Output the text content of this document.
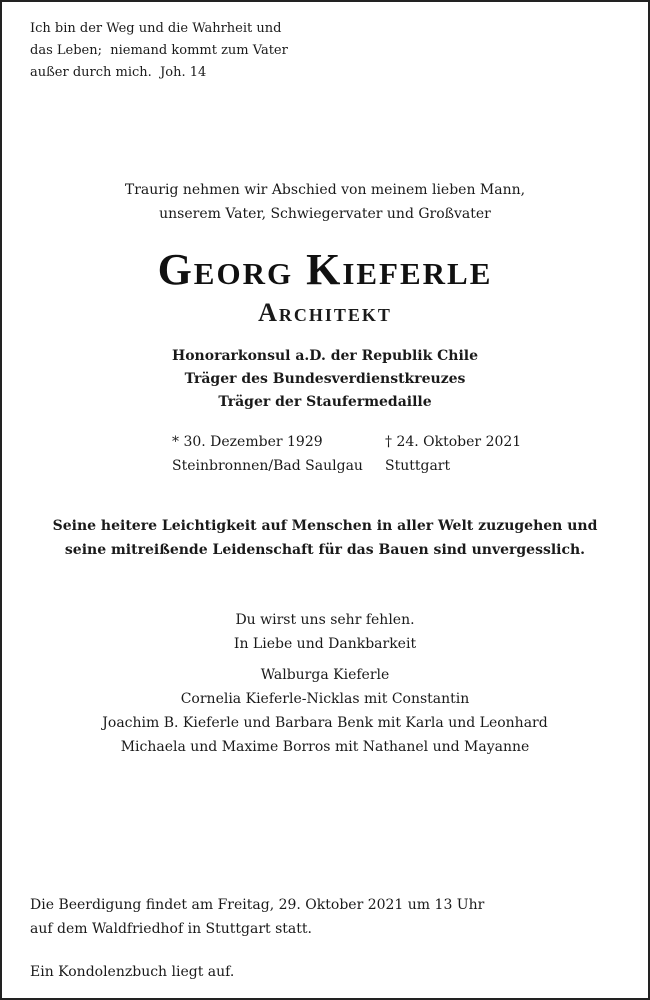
Ich bin der Weg und die Wahrheit und
das Leben;  niemand kommt zum Vater
außer durch mich.  Joh. 14
Traurig nehmen wir Abschied von meinem lieben Mann,
unserem Vater, Schwiegervater und Großvater
Georg Kieferle
Architekt
Honorarkonsul a.D. der Republik Chile
Träger des Bundesverdienstkreuzes
Träger der Staufermedaille
* 30. Dezember 1929
Steinbronnen/Bad Saulgau
† 24. Oktober 2021
Stuttgart
Seine heitere Leichtigkeit auf Menschen in aller Welt zuzugehen und
seine mitreißende Leidenschaft für das Bauen sind unvergesslich.
Du wirst uns sehr fehlen.
In Liebe und Dankbarkeit
Walburga Kieferle
Cornelia Kieferle-Nicklas mit Constantin
Joachim B. Kieferle und Barbara Benk mit Karla und Leonhard
Michaela und Maxime Borros mit Nathanel und Mayanne
Die Beerdigung findet am Freitag, 29. Oktober 2021 um 13 Uhr
auf dem Waldfriedhof in Stuttgart statt.
Ein Kondolenzbuch liegt auf.
